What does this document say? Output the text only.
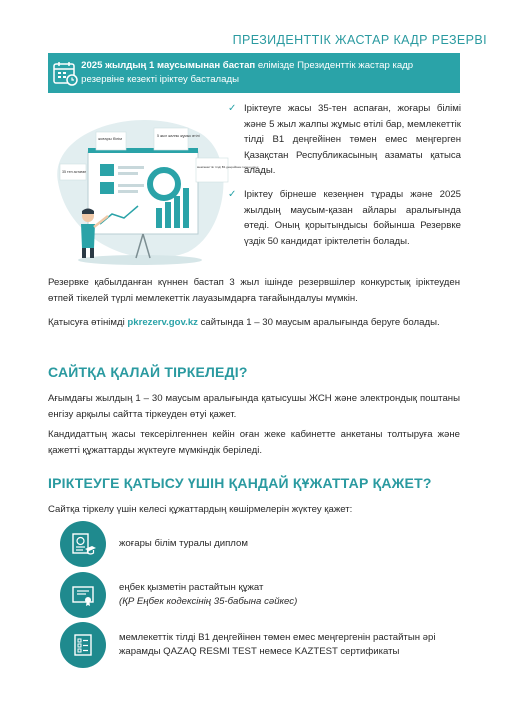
ПРЕЗИДЕНТТІК ЖАСТАР КАДР РЕЗЕРВІ
2025 жылдың 1 маусымынан бастап елімізде Президенттік жастар кадр резервіне кезекті іріктеу басталады
жоғары білім	5 жыл жалпы жұмыс өтілі
35 тен астаған
мемлекеттік тілді В1 деңгейінен төмен емес
✓ Іріктеуге жасы 35-тен аспаған, жоғары білімі және 5 жыл жалпы жұмыс өтілі бар, мемлекеттік тілді В1 деңгейінен төмен емес меңгерген Қазақстан Республикасының азаматы қатыса алады.

✓ Іріктеу бірнеше кезеңнен тұрады және 2025 жылдың маусым-қазан айлары аралығында өтеді. Оның қорытындысы бойынша Резервке үздік 50 кандидат іріктелетін болады.

Резервке қабылданған күннен бастап 3 жыл ішінде резервшілер конкурстық іріктеуден өтпей тікелей түрлі мемлекеттік лауазымдарға тағайындалуы мүмкін.

Қатысуға өтінімді pkrezerv.gov.kz сайтында 1 – 30 маусым аралығында беруге болады.

САЙТҚА ҚАЛАЙ ТІРКЕЛЕДІ?

Ағымдағы жылдың 1 – 30 маусым аралығында қатысушы ЖСН және электрондық поштаны енгізу арқылы сайтта тіркеуден өтуі қажет.

Кандидаттың жасы тексерілгеннен кейін оған жеке кабинетте анкетаны толтыруға және қажетті құжаттарды жүктеуге мүмкіндік беріледі.

ІРІКТЕУГЕ ҚАТЫСУ ҮШІН ҚАНДАЙ ҚҰЖАТТАР ҚАЖЕТ?

Сайтқа тіркелу үшін келесі құжаттардың көшірмелерін жүктеу қажет:

жоғары білім туралы диплом
еңбек қызметін растайтын құжат
(ҚР Еңбек кодексінің 35-бабына сәйкес)
мемлекеттік тілді В1 деңгейінен төмен емес меңгергенін растайтын әрі жарамды QAZAQ RESMI TEST немесе KAZTEST сертификаты
